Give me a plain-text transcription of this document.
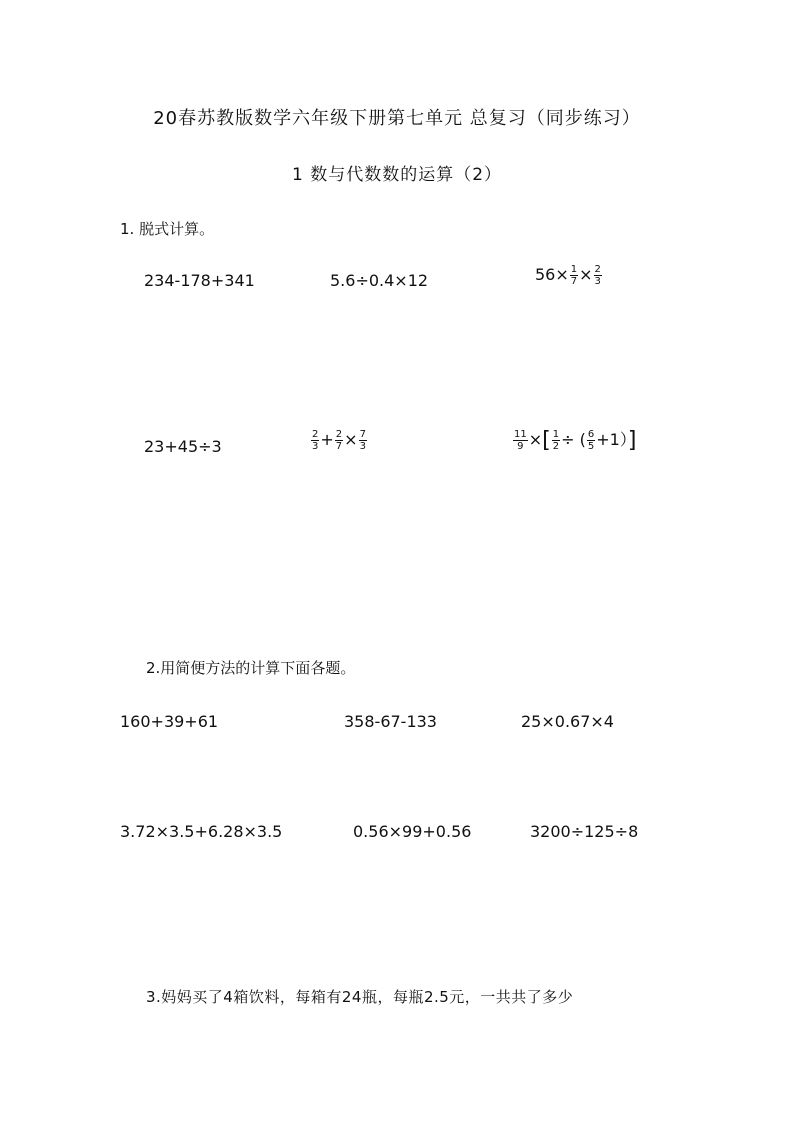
20春苏教版数学六年级下册第七单元 总复习（同步练习）
1 数与代数数的运算（2）
1. 脱式计算。
234-178+341	5.6÷0.4×12	$56\times \frac{1}{7} \times \frac{2}{3}$
23+45÷3	$\frac{2}{3} + \frac{2}{7} \times \frac{7}{3}$	$\frac{11}{9}$ ×[ $\frac{1}{2}$ ÷ ( $\frac{6}{5} +1$）]
2.用简便方法的计算下面各题。
160+39+61	358-67-133	25×0.67×4
3.72×3.5+6.28×3.5	0.56×99+0.56	3200÷125÷8
3.妈妈买了4箱饮料，每箱有24瓶，每瓶2.5元，一共共了多少
